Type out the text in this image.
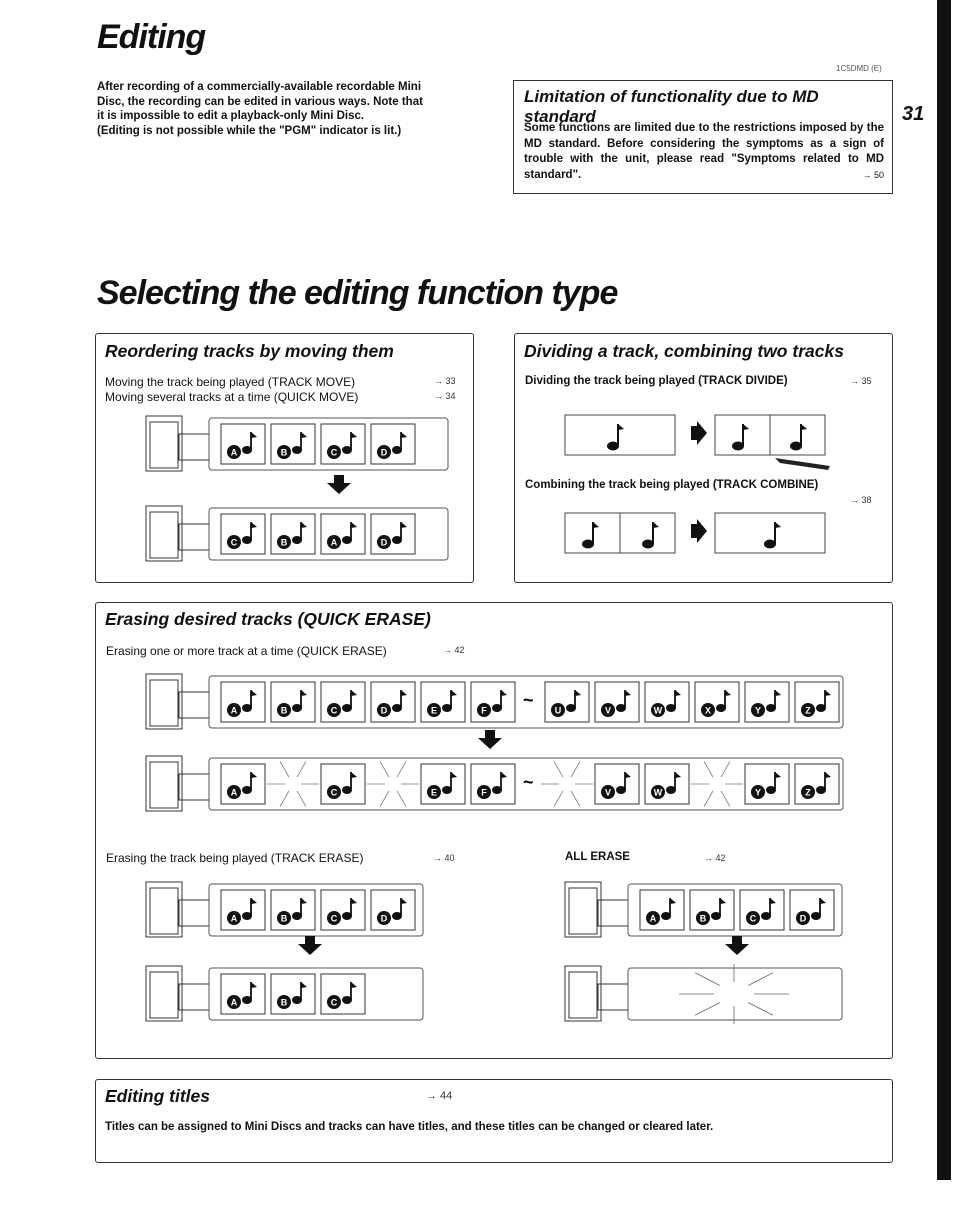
Editing

After recording of a commercially-available recordable Mini

Disc, the recording can be edited in various ways. Note that

it is impossible to edit a playback-only Mini Disc.

(Editing is not possible while the "PGM" indicator is lit.)

1C5DMD (E)
31
Limitation of functionality due to MD standard
Some functions are limited due to the restrictions imposed by the MD standard. Before considering the symptoms as a sign of trouble with the unit, please read "Symptoms related to MD standard".	→ 50
Selecting the editing function type
Reordering tracks by moving them
Moving the track being played (TRACK MOVE)	→ 33
Moving several tracks at a time (QUICK MOVE)	→ 34
A	B	C	D
C	B	A	D
Dividing a track, combining two tracks
Dividing the track being played (TRACK DIVIDE)	→ 35
Combining the track being played (TRACK COMBINE)
→ 38
Erasing desired tracks (QUICK ERASE)
Erasing one or more track at a time (QUICK ERASE)	→ 42
Erasing the track being played (TRACK ERASE)	→ 40	ALL ERASE	→ 42
A	B	C	D	E	F
~
U	V	W	X	Y	Z
A	C	E	F
~
V	W	Y	Z
A	B	C	D
A	B	C
A	B	C	D
Editing titles	→ 44
Titles can be assigned to Mini Discs and tracks can have titles, and these titles can be changed or cleared later.
